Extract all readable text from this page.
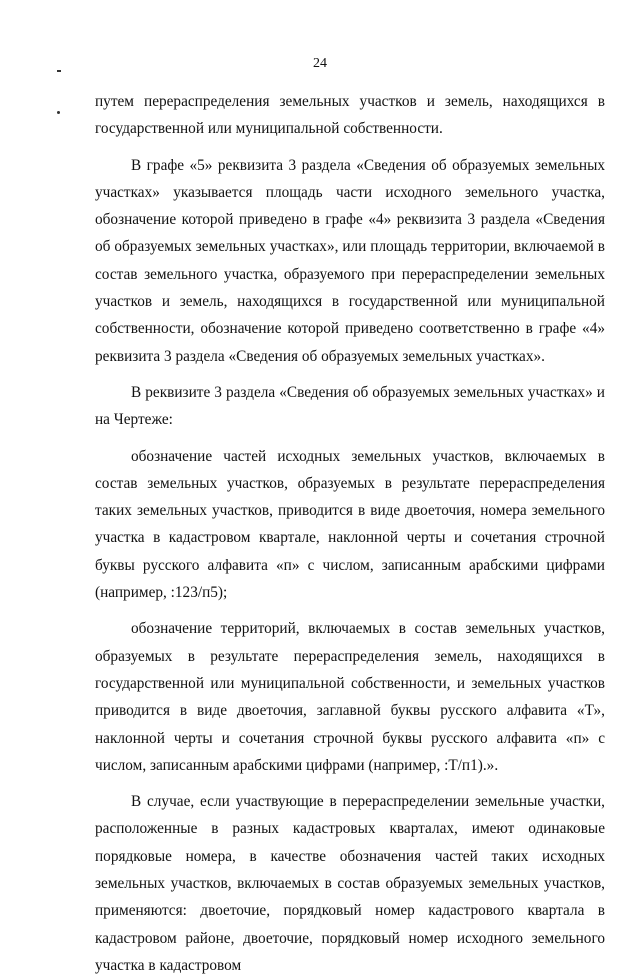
24

путем перераспределения земельных участков и земель, находящихся в государственной или муниципальной собственности.

В графе «5» реквизита 3 раздела «Сведения об образуемых земельных участках» указывается площадь части исходного земельного участка, обозначение которой приведено в графе «4» реквизита 3 раздела «Сведения об образуемых земельных участках», или площадь территории, включаемой в состав земельного участка, образуемого при перераспределении земельных участков и земель, находящихся в государственной или муниципальной собственности, обозначение которой приведено соответственно в графе «4» реквизита 3 раздела «Сведения об образуемых земельных участках».

В реквизите 3 раздела «Сведения об образуемых земельных участках» и на Чертеже:

обозначение частей исходных земельных участков, включаемых в состав земельных участков, образуемых в результате перераспределения таких земельных участков, приводится в виде двоеточия, номера земельного участка в кадастровом квартале, наклонной черты и сочетания строчной буквы русского алфавита «п» с числом, записанным арабскими цифрами (например, :123/п5);

обозначение территорий, включаемых в состав земельных участков, образуемых в результате перераспределения земель, находящихся в государственной или муниципальной собственности, и земельных участков приводится в виде двоеточия, заглавной буквы русского алфавита «Т», наклонной черты и сочетания строчной буквы русского алфавита «п» с числом, записанным арабскими цифрами (например, :Т/п1).».

В случае, если участвующие в перераспределении земельные участки, расположенные в разных кадастровых кварталах, имеют одинаковые порядковые номера, в качестве обозначения частей таких исходных земельных участков, включаемых в состав образуемых земельных участков, применяются: двоеточие, порядковый номер кадастрового квартала в кадастровом районе, двоеточие, порядковый номер исходного земельного участка в кадастровом
